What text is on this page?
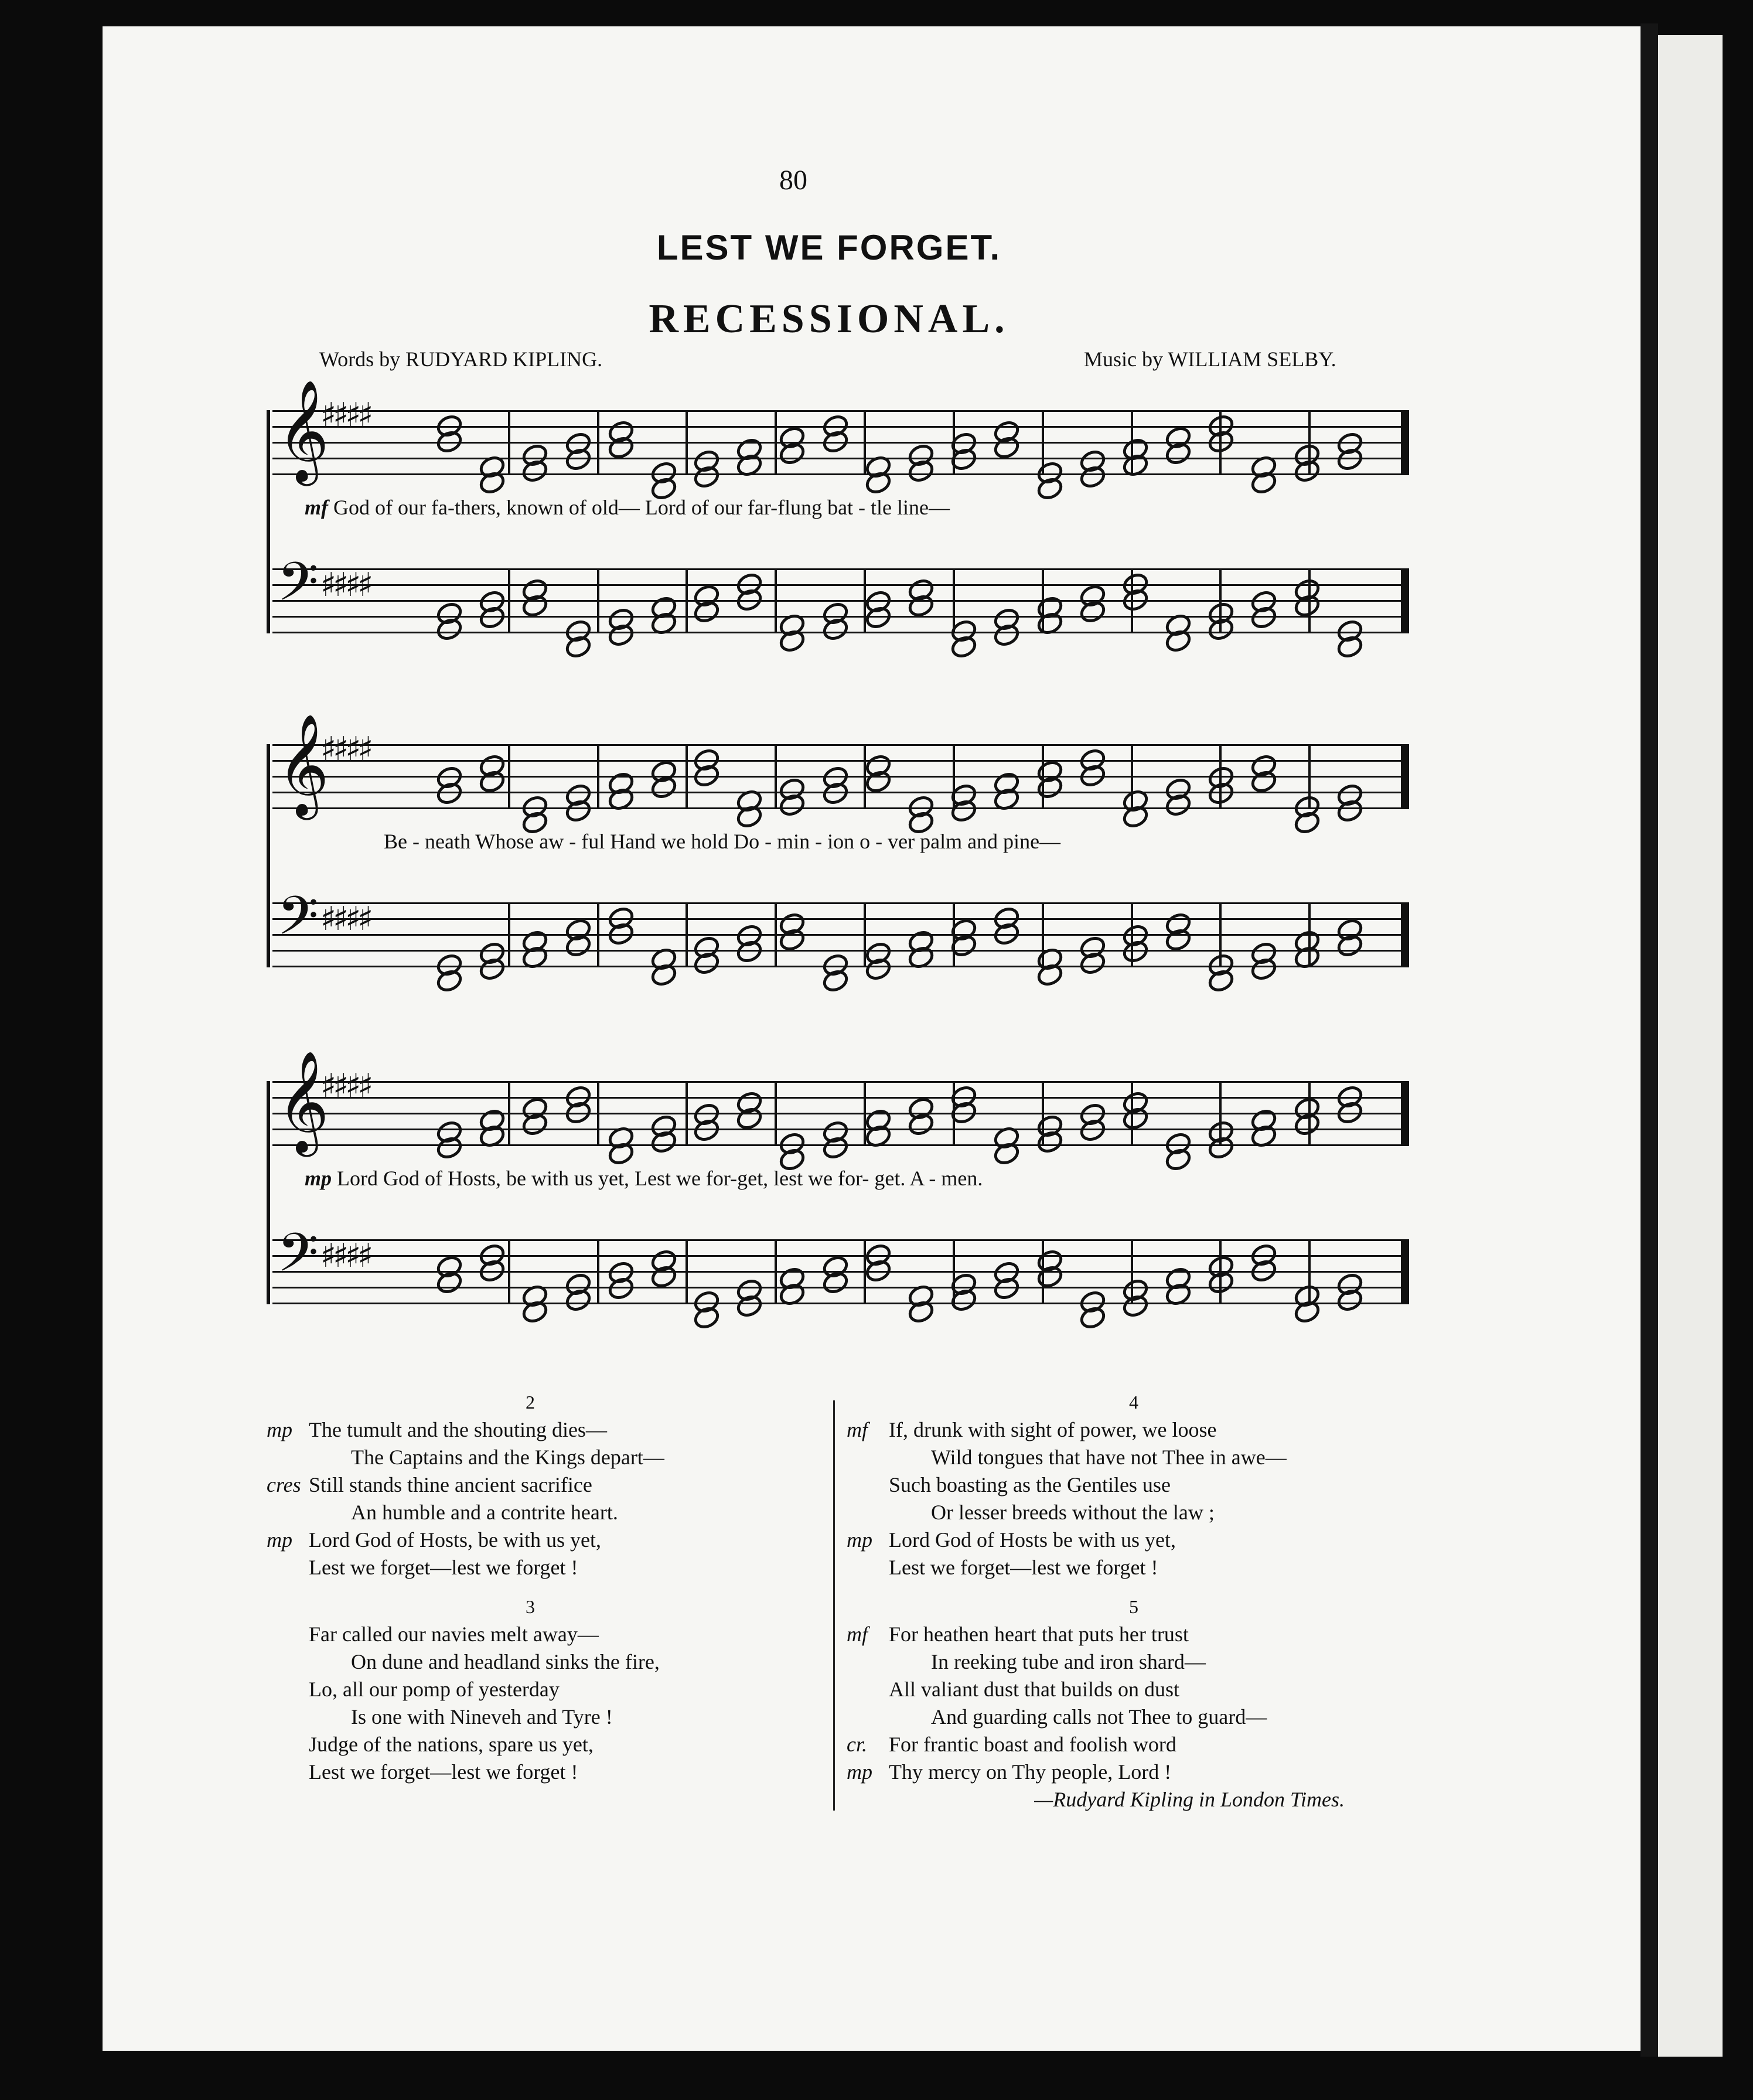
80
LEST WE FORGET.
RECESSIONAL.
Words by RUDYARD KIPLING.	Music by WILLIAM SELBY.
𝄞
♯♯♯♯
𝄢 ♯♯♯♯
mf God of our fa-thers, known of old— Lord of our far-flung bat - tle line—
𝄞
♯♯♯♯
𝄢 ♯♯♯♯
Be - neath Whose aw - ful Hand we hold Do - min - ion o - ver palm and pine—
𝄞
♯♯♯♯
𝄢 ♯♯♯♯
mp Lord God of Hosts, be with us yet, Lest we for-get, lest we for- get. A - men.
2
mp The tumult and the shouting dies—
The Captains and the Kings depart—
cres Still stands thine ancient sacrifice
An humble and a contrite heart.
mp Lord God of Hosts, be with us yet,
Lest we forget—lest we forget !
3
Far called our navies melt away—
On dune and headland sinks the fire,
Lo, all our pomp of yesterday
Is one with Nineveh and Tyre !
Judge of the nations, spare us yet,
Lest we forget—lest we forget !
4
mf If, drunk with sight of power, we loose
Wild tongues that have not Thee in awe—
Such boasting as the Gentiles use
Or lesser breeds without the law ;
mp Lord God of Hosts be with us yet,
Lest we forget—lest we forget !
5
mf For heathen heart that puts her trust
In reeking tube and iron shard—
All valiant dust that builds on dust
And guarding calls not Thee to guard—
cr. For frantic boast and foolish word
mp Thy mercy on Thy people, Lord !
—Rudyard Kipling in London Times.
